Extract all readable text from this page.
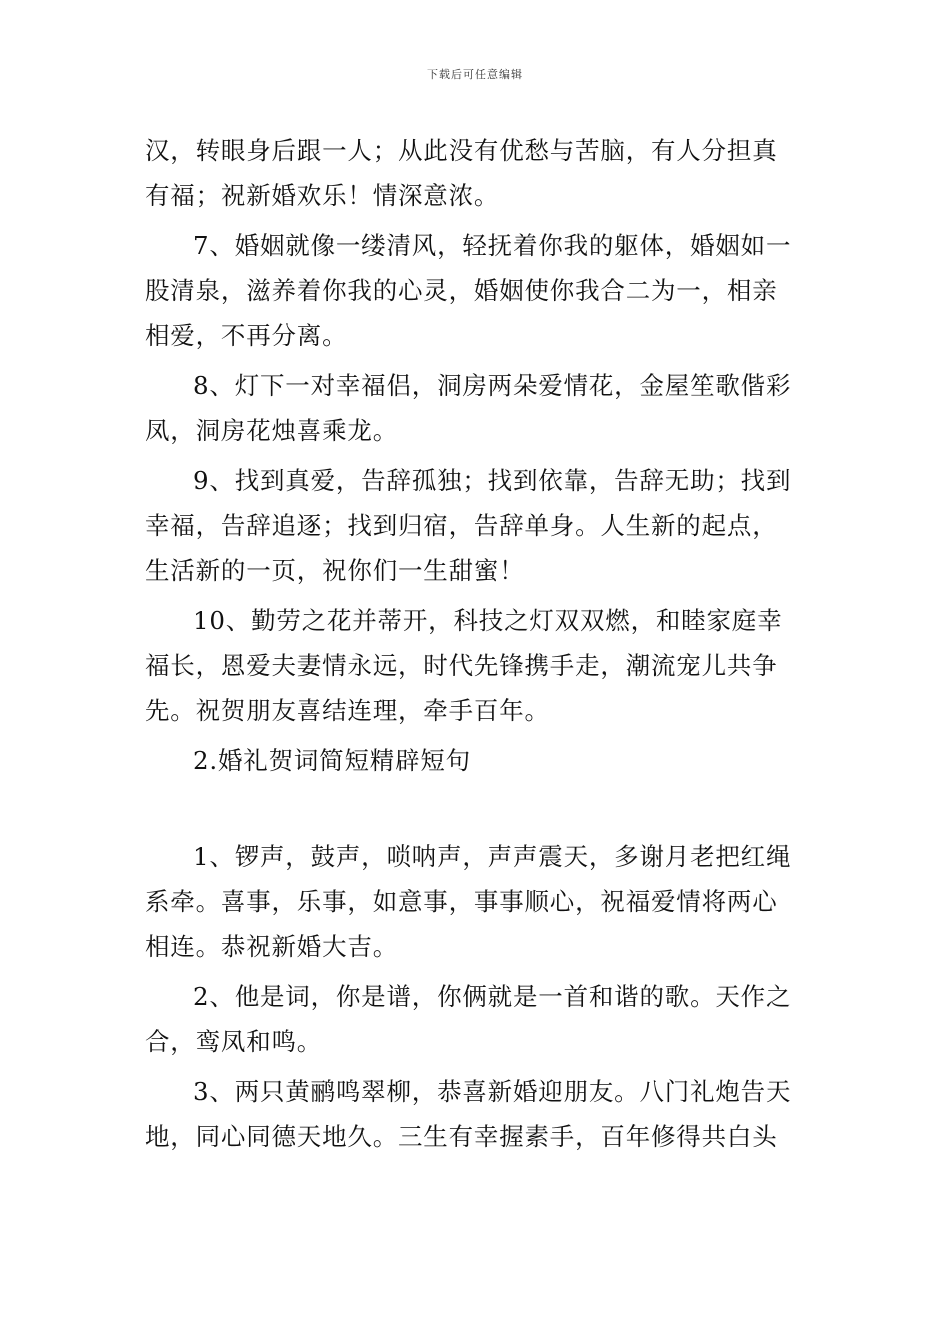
下载后可任意编辑
汉，转眼身后跟一人；从此没有优愁与苦脑，有人分担真
有福；祝新婚欢乐！情深意浓。
7、婚姻就像一缕清风，轻抚着你我的躯体，婚姻如一
股清泉，滋养着你我的心灵，婚姻使你我合二为一，相亲
相爱，不再分离。
8、灯下一对幸福侣，洞房两朵爱情花，金屋笙歌偕彩
凤，洞房花烛喜乘龙。
9、找到真爱，告辞孤独；找到依靠，告辞无助；找到
幸福，告辞追逐；找到归宿，告辞单身。人生新的起点，
生活新的一页，祝你们一生甜蜜！
10、勤劳之花并蒂开，科技之灯双双燃，和睦家庭幸
福长，恩爱夫妻情永远，时代先锋携手走，潮流宠儿共争
先。祝贺朋友喜结连理，牵手百年。
2.婚礼贺词简短精辟短句
1、锣声，鼓声，唢呐声，声声震天，多谢月老把红绳
系牵。喜事，乐事，如意事，事事顺心，祝福爱情将两心
相连。恭祝新婚大吉。
2、他是词，你是谱，你俩就是一首和谐的歌。天作之
合，鸾凤和鸣。
3、两只黄鹂鸣翠柳，恭喜新婚迎朋友。八门礼炮告天
地，同心同德天地久。三生有幸握素手，百年修得共白头
